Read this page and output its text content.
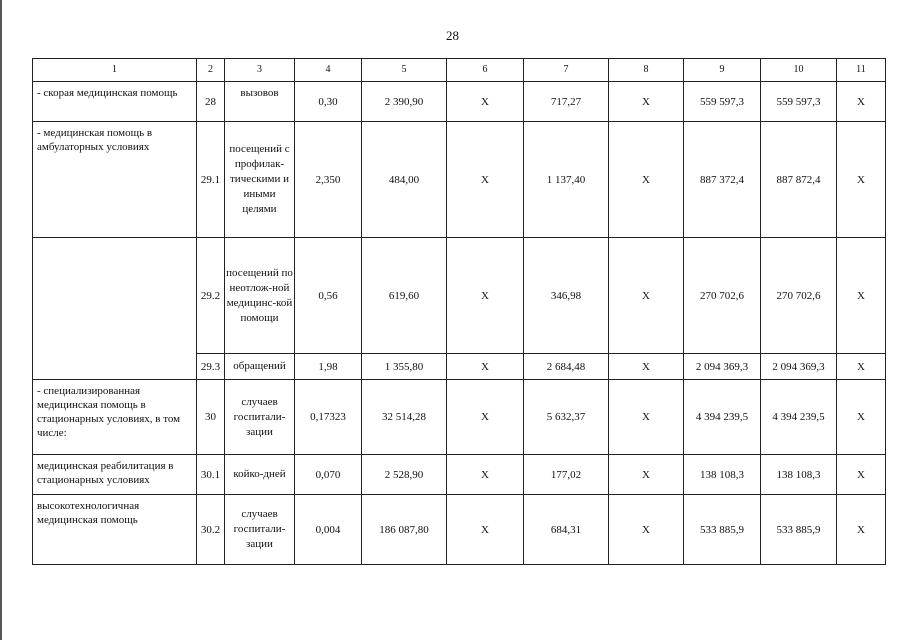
28
1	2	3	4	5	6	7	8	9	10	11
- скорая медицинская помощь	28	вызовов	0,30	2 390,90	Х	717,27	Х	559 597,3	559 597,3	Х
- медицинская помощь в амбулаторных условиях	29.1	посещений с профилак-тическими и иными целями	2,350	484,00	Х	1 137,40	Х	887 372,4	887 872,4	Х
	29.2	посещений по неотлож-ной медицинс-кой помощи	0,56	619,60	Х	346,98	Х	270 702,6	270 702,6	Х
	29.3	обращений	1,98	1 355,80	Х	2 684,48	Х	2 094 369,3	2 094 369,3	Х
- специализированная медицинская помощь в стационарных условиях, в том числе:	30	случаев госпитали-зации	0,17323	32 514,28	Х	5 632,37	Х	4 394 239,5	4 394 239,5	Х
медицинская реабилитация в стационарных условиях	30.1	койко-дней	0,070	2 528,90	Х	177,02	Х	138 108,3	138 108,3	Х
высокотехнологичная медицинская помощь	30.2	случаев госпитали-зации	0,004	186 087,80	Х	684,31	Х	533 885,9	533 885,9	Х
